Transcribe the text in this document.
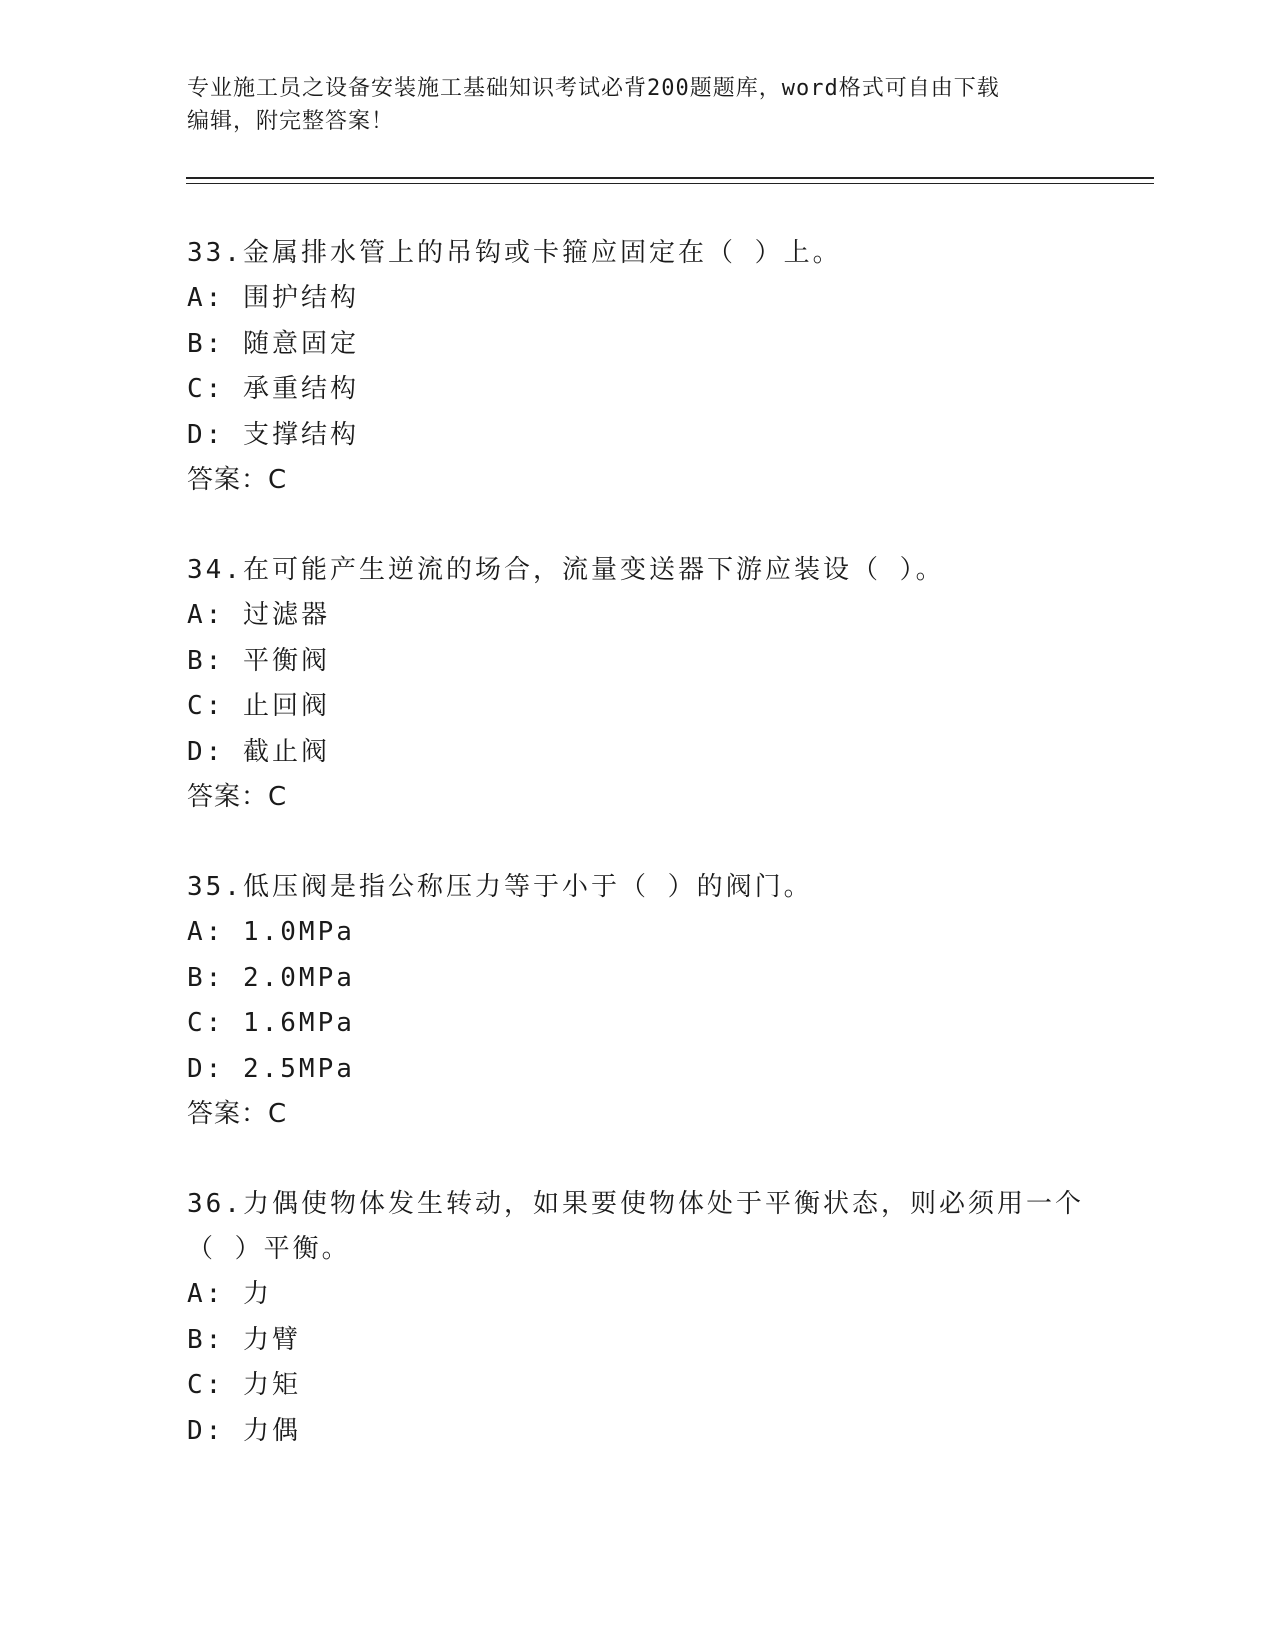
专业施工员之设备安装施工基础知识考试必背200题题库，word格式可自由下载
编辑，附完整答案！

33.金属排水管上的吊钩或卡箍应固定在（ ）上。

A: 围护结构

B: 随意固定

C: 承重结构

D: 支撑结构

答案：C

34.在可能产生逆流的场合，流量变送器下游应装设（ ）。

A: 过滤器

B: 平衡阀

C: 止回阀

D: 截止阀

答案：C

35.低压阀是指公称压力等于小于（ ）的阀门。

A: 1.0MPa

B: 2.0MPa

C: 1.6MPa

D: 2.5MPa

答案：C

36.力偶使物体发生转动，如果要使物体处于平衡状态，则必须用一个

（ ）平衡。

A: 力

B: 力臂

C: 力矩

D: 力偶
